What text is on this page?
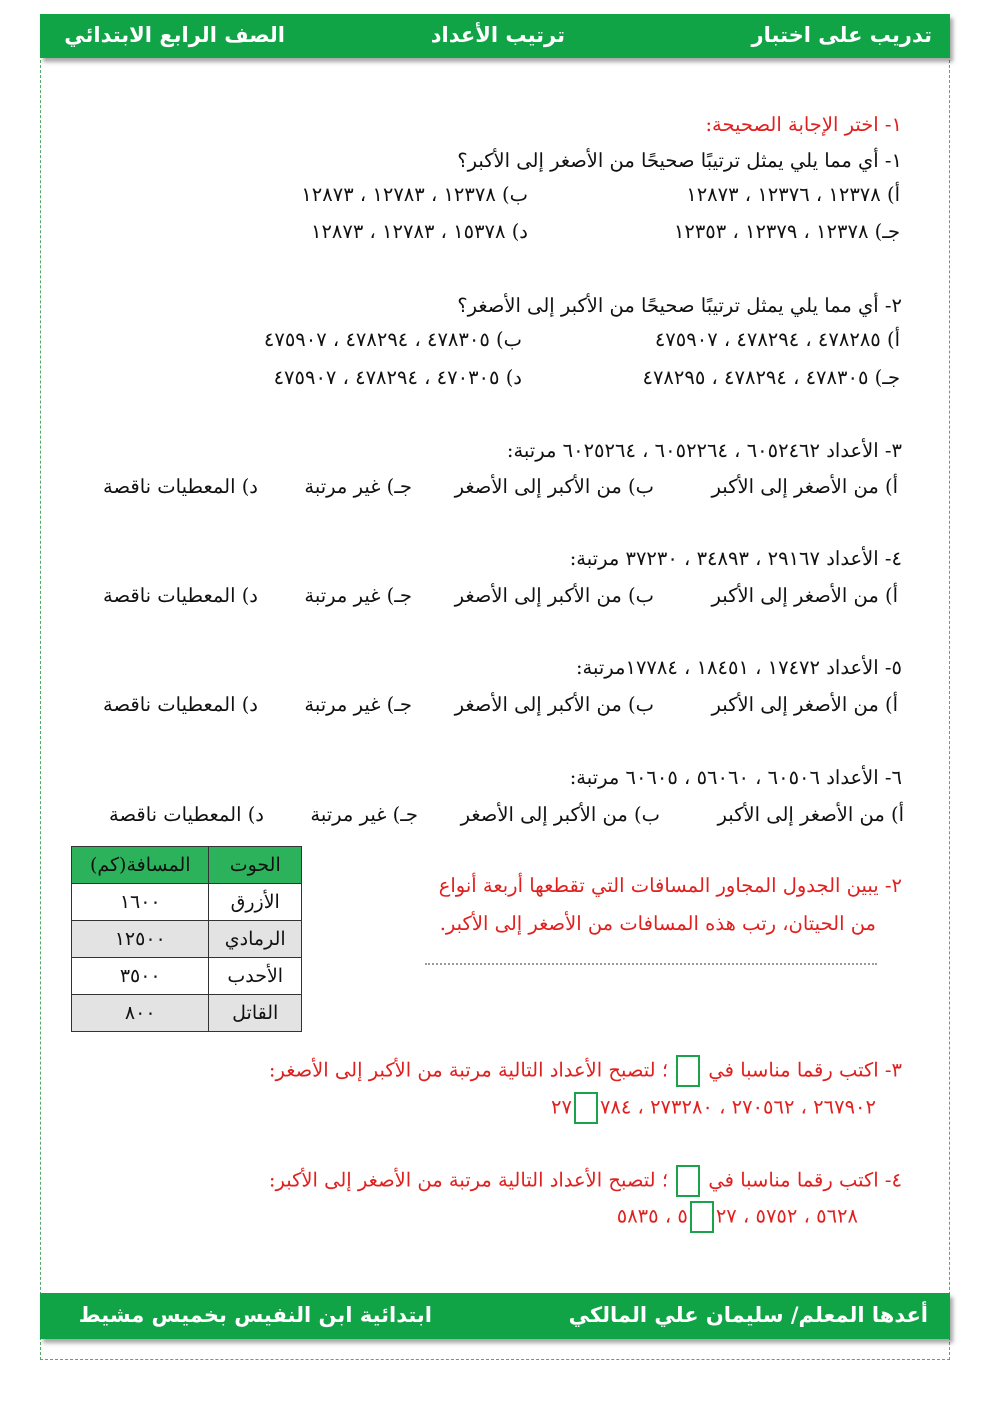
تدريب على اختبار
ترتيب الأعداد
الصف الرابع الابتدائي
١- اختر الإجابة الصحيحة:
١- أي مما يلي يمثل ترتيبًا صحيحًا من الأصغر إلى الأكبر؟
أ) ١٢٣٧٨ ، ١٢٣٧٦ ، ١٢٨٧٣
ب) ١٢٣٧٨ ، ١٢٧٨٣ ، ١٢٨٧٣
جـ) ١٢٣٧٨ ، ١٢٣٧٩ ، ١٢٣٥٣
د) ١٥٣٧٨ ، ١٢٧٨٣ ، ١٢٨٧٣
٢- أي مما يلي يمثل ترتيبًا صحيحًا من الأكبر إلى الأصغر؟
أ) ٤٧٨٢٨٥ ، ٤٧٨٢٩٤ ، ٤٧٥٩٠٧
ب) ٤٧٨٣٠٥ ، ٤٧٨٢٩٤ ، ٤٧٥٩٠٧
جـ) ٤٧٨٣٠٥ ، ٤٧٨٢٩٤ ، ٤٧٨٢٩٥
د) ٤٧٠٣٠٥ ، ٤٧٨٢٩٤ ، ٤٧٥٩٠٧
٣- الأعداد ٦٠٥٢٤٦٢ ، ٦٠٥٢٢٦٤ ، ٦٠٢٥٢٦٤ مرتبة:
أ) من الأصغر إلى الأكبر
ب) من الأكبر إلى الأصغر
جـ) غير مرتبة
د) المعطيات ناقصة
٤- الأعداد ٢٩١٦٧ ، ٣٤٨٩٣ ، ٣٧٢٣٠ مرتبة:
أ) من الأصغر إلى الأكبر
ب) من الأكبر إلى الأصغر
جـ) غير مرتبة
د) المعطيات ناقصة
٥- الأعداد ١٧٤٧٢ ، ١٨٤٥١ ، ١٧٧٨٤مرتبة:
أ) من الأصغر إلى الأكبر
ب) من الأكبر إلى الأصغر
جـ) غير مرتبة
د) المعطيات ناقصة
٦- الأعداد ٦٠٥٠٦ ، ٥٦٠٦٠ ، ٦٠٦٠٥ مرتبة:
أ) من الأصغر إلى الأكبر
ب) من الأكبر إلى الأصغر
جـ) غير مرتبة
د) المعطيات ناقصة
الحوت	المسافة(كم)
الأزرق	١٦٠٠
الرمادي	١٢٥٠٠
الأحدب	٣٥٠٠
القاتل	٨٠٠
٢- يبين الجدول المجاور المسافات التي تقطعها أربعة أنواع
من الحيتان، رتب هذه المسافات من الأصغر إلى الأكبر.
٣- اكتب رقما مناسبا في  ؛ لتصبح الأعداد التالية مرتبة من الأكبر إلى الأصغر:
٢٦٧٩٠٢ ، ٢٧٠٥٦٢ ، ٢٧٣٢٨٠ ، ٧٨٤٢٧
٤- اكتب رقما مناسبا في  ؛ لتصبح الأعداد التالية مرتبة من الأصغر إلى الأكبر:
٥٦٢٨ ، ٥٧٥٢ ، ٢٧٥ ، ٥٨٣٥
أعدها المعلم/ سليمان علي المالكي
ابتدائية ابن النفيس بخميس مشيط
